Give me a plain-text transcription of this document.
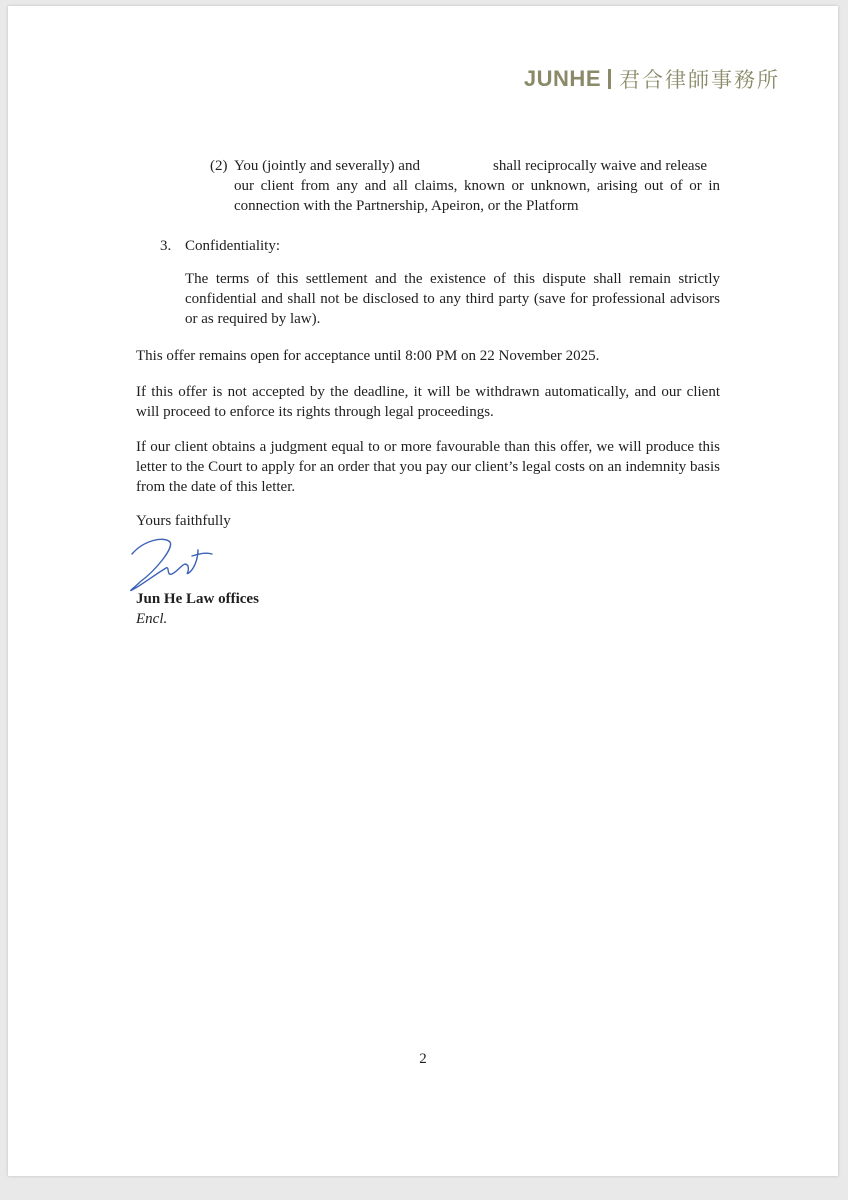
JUNHE 君合律師事務所
(2) You (jointly and severally) and	shall reciprocally waive and release
our client from any and all claims, known or unknown, arising out of or in connection with the Partnership, Apeiron, or the Platform
3. Confidentiality:
The terms of this settlement and the existence of this dispute shall remain strictly confidential and shall not be disclosed to any third party (save for professional advisors or as required by law).
This offer remains open for acceptance until 8:00 PM on 22 November 2025.
If this offer is not accepted by the deadline, it will be withdrawn automatically, and our client will proceed to enforce its rights through legal proceedings.
If our client obtains a judgment equal to or more favourable than this offer, we will produce this letter to the Court to apply for an order that you pay our client’s legal costs on an indemnity basis from the date of this letter.
Yours faithfully
Jun He Law offices
Encl.
2
